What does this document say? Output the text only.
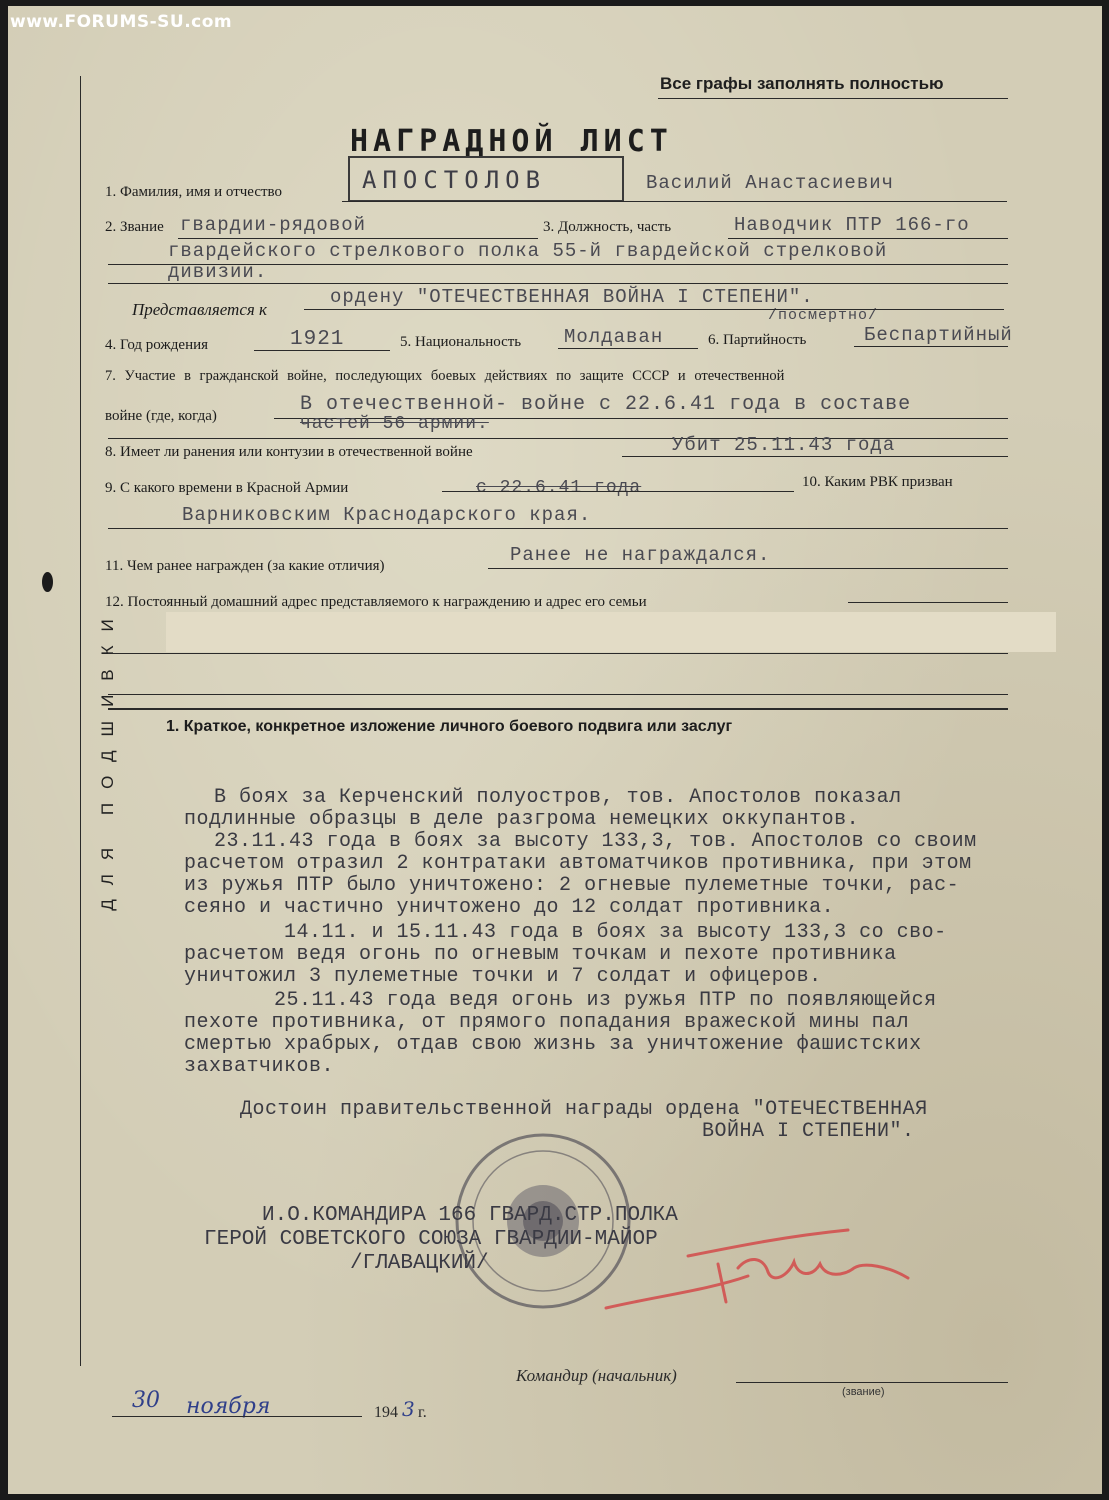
Все графы заполнять полностью
НАГРАДНОЙ ЛИСТ
ДЛЯ ПОДШИВКИ
1. Фамилия, имя и отчество	АПОСТОЛОВ	Василий Анастасиевич
2. Звание гвардии-рядовой	3. Должность, часть	Наводчик ПТР 166-го
гвардейского стрелкового полка 55-й гвардейской стрелковой
дивизии.
Представляется к
ордену "ОТЕЧЕСТВЕННАЯ ВОЙНА I СТЕПЕНИ".
/посмертно/
4. Год рождения	1921	5. Национальность Молдаван	6. Партийность	Беспартийный
7. Участие в гражданской войне, последующих боевых действиях по защите СССР и отечественной
войне (где, когда)	В отечественной- войне с 22.6.41 года в составе
частей 56 армии.
8. Имеет ли ранения или контузии в отечественной войне	Убит 25.11.43 года
9. С какого времени в Красной Армии	с 22.6.41 года	10. Каким РВК призван
Варниковским Краснодарского края.
11. Чем ранее награжден (за какие отличия)	Ранее не награждался.
12. Постоянный домашний адрес представляемого к награждению и адрес его семьи
1. Краткое, конкретное изложение личного боевого подвига или заслуг
В боях за Керченский полуостров, тов. Апостолов показал
подлинные образцы в деле разгрома немецких оккупантов.
23.11.43 года в боях за высоту 133,3, тов. Апостолов со своим
расчетом отразил 2 контратаки автоматчиков противника, при этом
из ружья ПТР было уничтожено: 2 огневые пулеметные точки, рас-
сеяно и частично уничтожено до 12 солдат противника.
14.11. и 15.11.43 года в боях за высоту 133,3 со сво-
расчетом ведя огонь по огневым точкам и пехоте противника
уничтожил 3 пулеметные точки и 7 солдат и офицеров.
25.11.43 года ведя огонь из ружья ПТР по появляющейся
пехоте противника, от прямого попадания вражеской мины пал
смертью храбрых, отдав свою жизнь за уничтожение фашистских
захватчиков.
Достоин правительственной награды ордена "ОТЕЧЕСТВЕННАЯ
ВОЙНА I СТЕПЕНИ".
И.О.КОМАНДИРА 166 ГВАРД.СТР.ПОЛКА
ГЕРОЙ СОВЕТСКОГО СОЮЗА ГВАРДИИ-МАЙОР
/ГЛАВАЦКИЙ/
Командир (начальник)
(звание)
30 ноября	194 3 г.
www.FORUMS-SU.com
